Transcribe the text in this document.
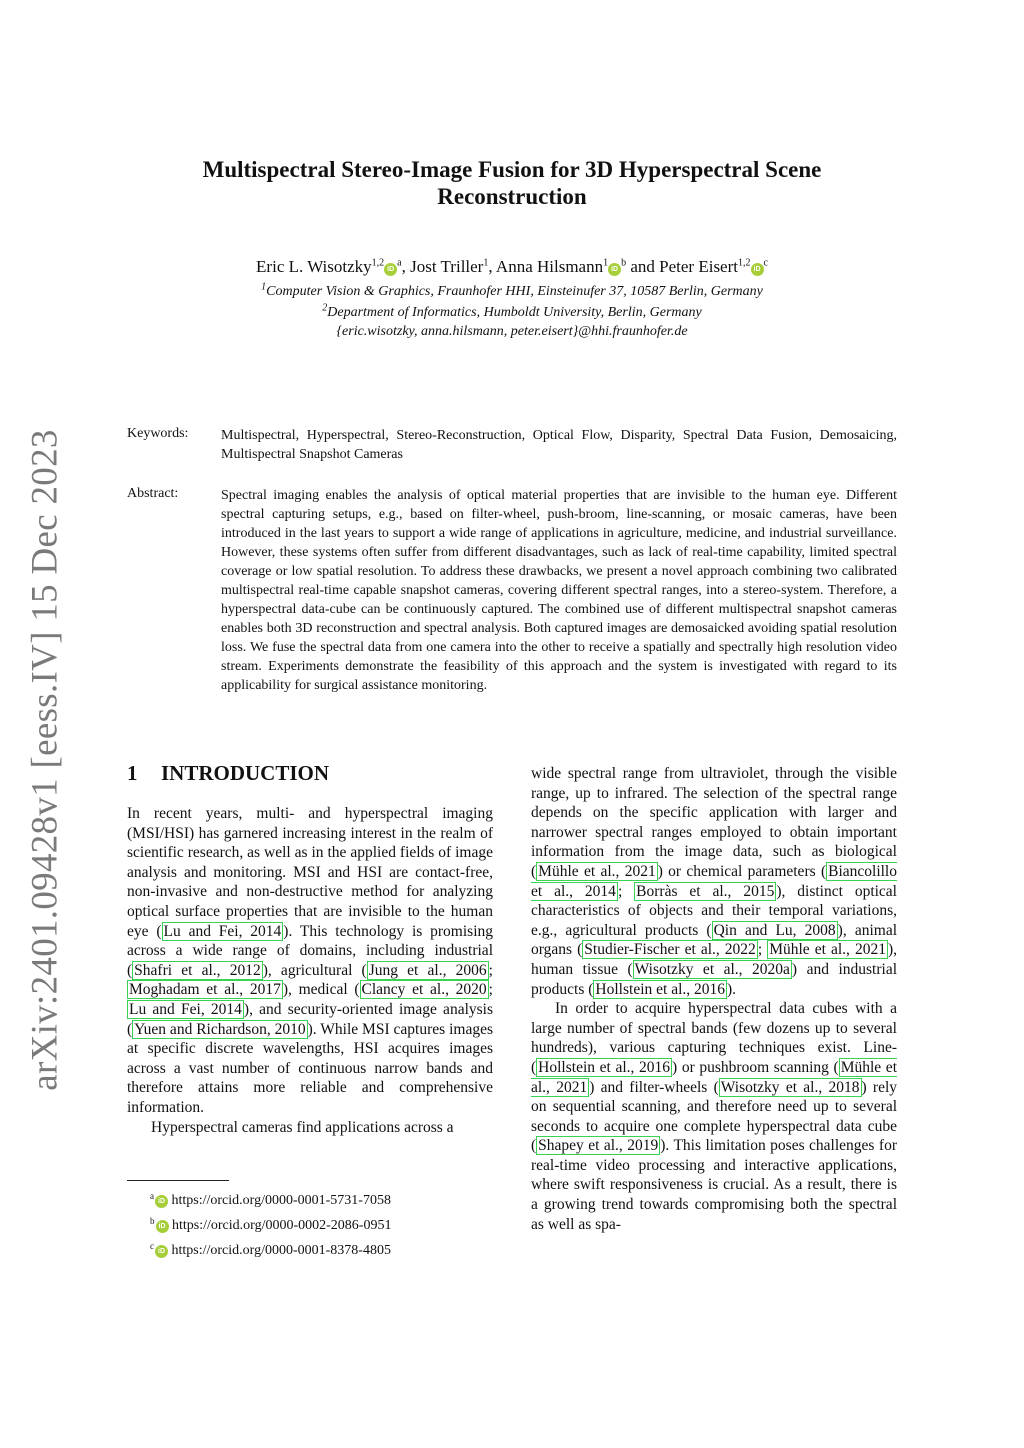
arXiv:2401.09428v1 [eess.IV] 15 Dec 2023
Multispectral Stereo-Image Fusion for 3D Hyperspectral Scene Reconstruction
Eric L. $Wisotzky^{1,2}iD^a$, Jost Triller$^1$, Anna $Hilsmann^1iD^b$ and Peter $Eisert^{1,2}iD^c$
$^1$Computer Vision & Graphics, Fraunhofer HHI, Einsteinufer 37, 10587 Berlin, Germany
$^2$Department of Informatics, Humboldt University, Berlin, Germany
{eric.wisotzky, anna.hilsmann, peter.eisert}@hhi.fraunhofer.de
Keywords: Multispectral, Hyperspectral, Stereo-Reconstruction, Optical Flow, Disparity, Spectral Data Fusion, Demosaicing, Multispectral Snapshot Cameras
Abstract:	Spectral imaging enables the analysis of optical material properties that are invisible to the human eye. Different spectral capturing setups, e.g., based on filter-wheel, push-broom, line-scanning, or mosaic cameras, have been introduced in the last years to support a wide range of applications in agriculture, medicine, and industrial surveillance. However, these systems often suffer from different disadvantages, such as lack of real-time capability, limited spectral coverage or low spatial resolution. To address these drawbacks, we present a novel approach combining two calibrated multispectral real-time capable snapshot cameras, covering different spectral ranges, into a stereo-system. Therefore, a hyperspectral data-cube can be continuously captured. The combined use of different multispectral snapshot cameras enables both 3D reconstruction and spectral analysis. Both captured images are demosaicked avoiding spatial resolution loss. We fuse the spectral data from one camera into the other to receive a spatially and spectrally high resolution video stream. Experiments demonstrate the feasibility of this approach and the system is investigated with regard to its applicability for surgical assistance monitoring.
1 INTRODUCTION

In recent years, multi- and hyperspectral imaging (MSI/HSI) has garnered increasing interest in the realm of scientific research, as well as in the applied fields of image analysis and monitoring. MSI and HSI are contact-free, non-invasive and non-destructive method for analyzing optical surface properties that are invisible to the human eye ( Lu and Fei, 2014 ). This technology is promising across a wide range of domains, including industrial ( Shafri et al., 2012 ), agricultural ( Jung et al., 2006 ; Moghadam et al., 2017 ), medical ( Clancy et al., 2020 ; Lu and Fei, 2014 ), and security-oriented image analysis ( Yuen and Richardson, 2010 ). While MSI captures images at specific discrete wavelengths, HSI acquires images across a vast number of continuous narrow bands and therefore attains more reliable and comprehensive information.

Hyperspectral cameras find applications across a

wide spectral range from ultraviolet, through the visible range, up to infrared. The selection of the spectral range depends on the specific application with larger and narrower spectral ranges employed to obtain important information from the image data, such as biological ( Mühle et al., 2021 ) or chemical parameters ( Biancolillo et al., 2014 ; Borràs et al., 2015 ), distinct optical characteristics of objects and their temporal variations, e.g., agricultural products ( Qin and Lu, 2008 ), animal organs ( Studier-Fischer et al., 2022 ; Mühle et al., 2021 ), human tissue ( Wisotzky et al., 2020a ) and industrial products ( Hollstein et al., 2016 ).

In order to acquire hyperspectral data cubes with a large number of spectral bands (few dozens up to several hundreds), various capturing techniques exist. Line- ( Hollstein et al., 2016 ) or pushbroom scanning ( Mühle et al., 2021 ) and filter-wheels ( Wisotzky et al., 2018 ) rely on sequential scanning, and therefore need up to several seconds to acquire one complete hyperspectral data cube ( Shapey et al., 2019 ). This limitation poses challenges for real-time video processing and interactive applications, where swift responsiveness is crucial. As a result, there is a growing trend towards compromising both the spectral as well as spa-

$^a$iD https://orcid.org/0000-0001-5731-7058
$^b$iD https://orcid.org/0000-0002-2086-0951
$^c$iD https://orcid.org/0000-0001-8378-4805
